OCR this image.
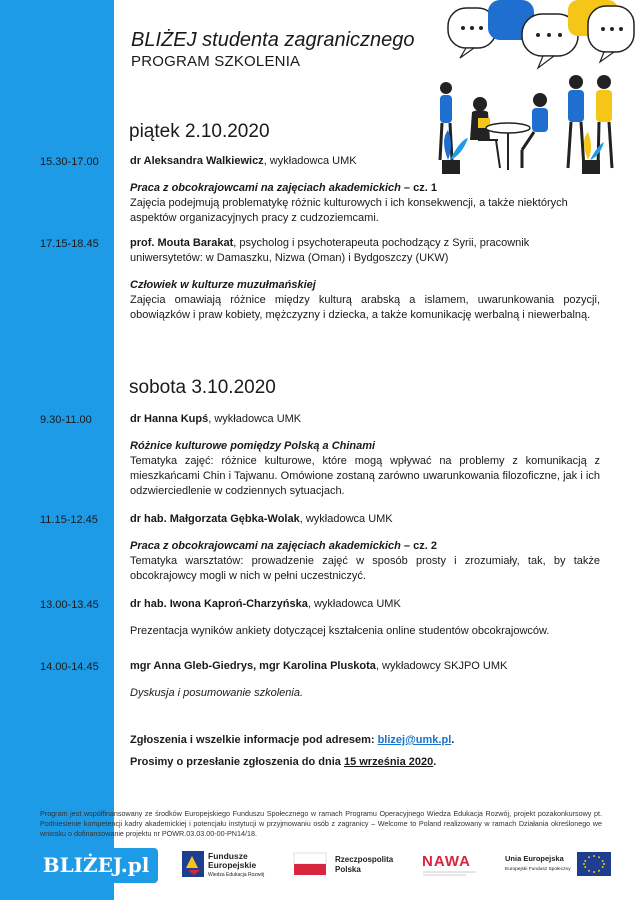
BLIŻEJ studenta zagranicznego
PROGRAM SZKOLENIA
piątek 2.10.2020
15.30-17.00	dr Aleksandra Walkiewicz, wykładowca UMK
Praca z obcokrajowcami na zajęciach akademickich – cz. 1
Zajęcia podejmują problematykę różnic kulturowych i ich konsekwencji, a także niektórych aspektów organizacyjnych pracy z cudzoziemcami.
17.15-18.45	prof. Mouta Barakat, psycholog i psychoterapeuta pochodzący z Syrii, pracownik uniwersytetów: w Damaszku, Nizwa (Oman) i Bydgoszczy (UKW)
Człowiek w kulturze muzułmańskiej
Zajęcia omawiają różnice między kulturą arabską a islamem, uwarunkowania pozycji, obowiązków i praw kobiety, mężczyzny i dziecka, a także komunikację werbalną i niewerbalną.
sobota 3.10.2020
9.30-11.00	dr Hanna Kupś, wykładowca UMK
Różnice kulturowe pomiędzy Polską a Chinami
Tematyka zajęć: różnice kulturowe, które mogą wpływać na problemy z komunikacją z mieszkańcami Chin i Tajwanu. Omówione zostaną zarówno uwarunkowania filozoficzne, jak i ich odzwierciedlenie w codziennych sytuacjach.
11.15-12.45	dr hab. Małgorzata Gębka-Wolak, wykładowca UMK
Praca z obcokrajowcami na zajęciach akademickich – cz. 2
Tematyka warsztatów: prowadzenie zajęć w sposób prosty i zrozumiały, tak, by także obcokrajowcy mogli w nich w pełni uczestniczyć.
13.00-13.45	dr hab. Iwona Kaproń-Charzyńska, wykładowca UMK
Prezentacja wyników ankiety dotyczącej kształcenia online studentów obcokrajowców.
14.00-14.45	mgr Anna Gleb-Giedrys, mgr Karolina Pluskota, wykładowcy SKJPO UMK
Dyskusja i posumowanie szkolenia.
Zgłoszenia i wszelkie informacje pod adresem: blizej@umk.pl.
Prosimy o przesłanie zgłoszenia do dnia 15 września 2020.
Program jest współfinansowany ze środków Europejskiego Funduszu Społecznego w ramach Programu Operacyjnego Wiedza Edukacja Rozwój, projekt pozakonkursowy pt. Podniesienie kompetencji kadry akademickiej i potencjału instytucji w przyjmowaniu osób z zagranicy – Welcome to Poland realizowany w ramach Działania określonego we wniosku o dofinansowanie projektu nr POWR.03.03.00-00-PN14/18.
BLIŻEJ.pl	Fundusze
Europejskie
Wiedza Edukacja Rozwój
Rzeczpospolita
Polska	NAWA	Unia Europejska
Europejski Fundusz Społeczny
